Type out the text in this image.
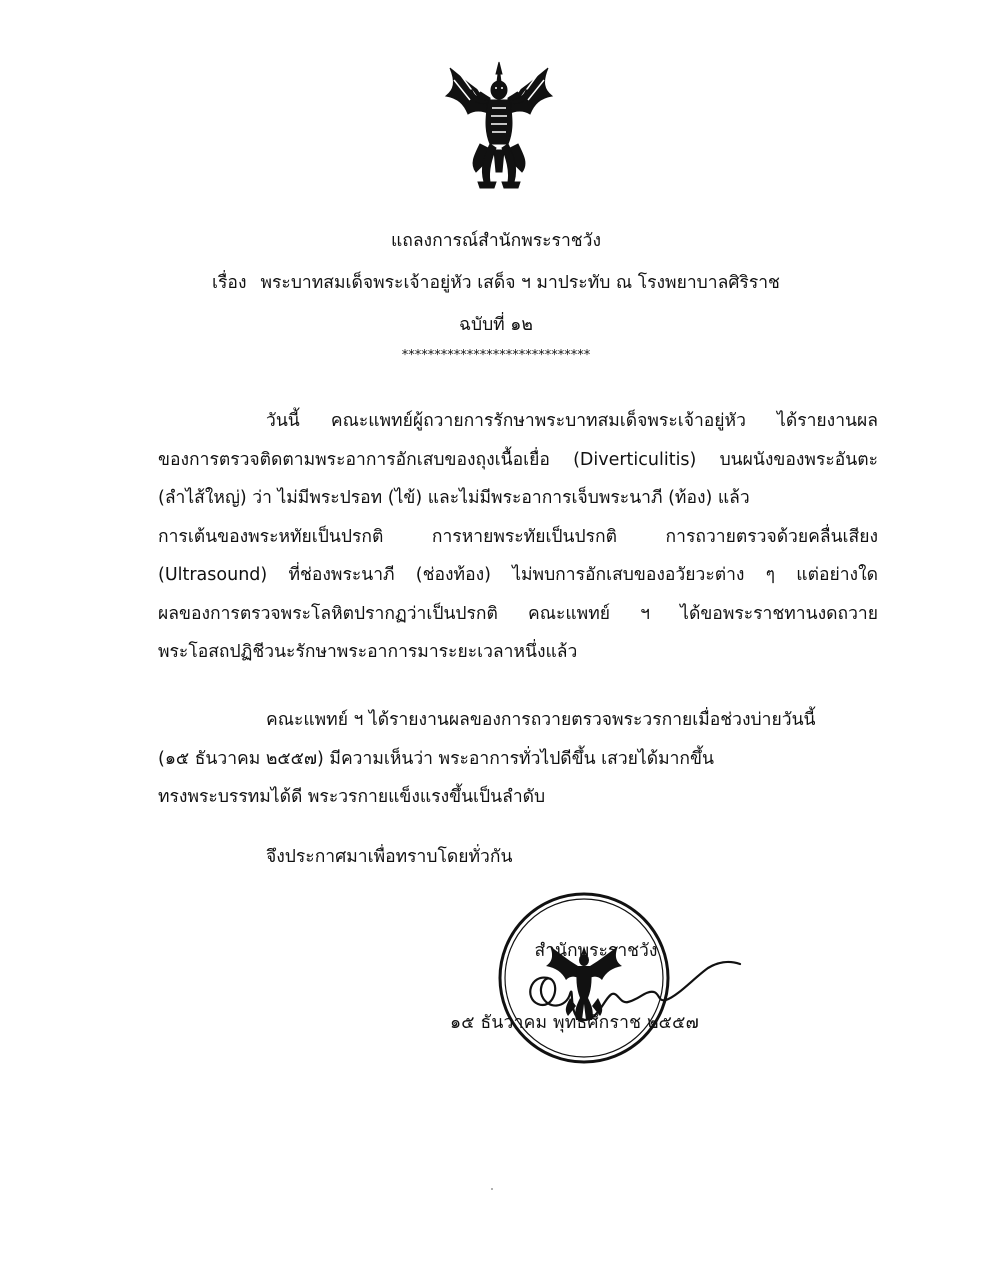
แถลงการณ์สำนักพระราชวัง
เรื่อง พระบาทสมเด็จพระเจ้าอยู่หัว เสด็จ ฯ มาประทับ ณ โรงพยาบาลศิริราช
ฉบับที่ ๑๒
*****************************
วันนี้ คณะแพทย์ผู้ถวายการรักษาพระบาทสมเด็จพระเจ้าอยู่หัว ได้รายงานผล
ของการตรวจติดตามพระอาการอักเสบของถุงเนื้อเยื่อ (Diverticulitis) บนผนังของพระอันตะ
(ลำไส้ใหญ่) ว่า ไม่มีพระปรอท (ไข้) และไม่มีพระอาการเจ็บพระนาภี (ท้อง) แล้ว
การเต้นของพระหทัยเป็นปรกติ การหายพระทัยเป็นปรกติ การถวายตรวจด้วยคลื่นเสียง
(Ultrasound) ที่ช่องพระนาภี (ช่องท้อง) ไม่พบการอักเสบของอวัยวะต่าง ๆ แต่อย่างใด
ผลของการตรวจพระโลหิตปรากฏว่าเป็นปรกติ คณะแพทย์ ฯ ได้ขอพระราชทานงดถวาย
พระโอสถปฏิชีวนะรักษาพระอาการมาระยะเวลาหนึ่งแล้ว
คณะแพทย์ ฯ ได้รายงานผลของการถวายตรวจพระวรกายเมื่อช่วงบ่ายวันนี้
(๑๕ ธันวาคม ๒๕๕๗) มีความเห็นว่า พระอาการทั่วไปดีขึ้น เสวยได้มากขึ้น
ทรงพระบรรทมได้ดี พระวรกายแข็งแรงขึ้นเป็นลำดับ
จึงประกาศมาเพื่อทราบโดยทั่วกัน
สำนักพระราชวัง
๑๕ ธันวาคม พุทธศักราช ๒๕๕๗
